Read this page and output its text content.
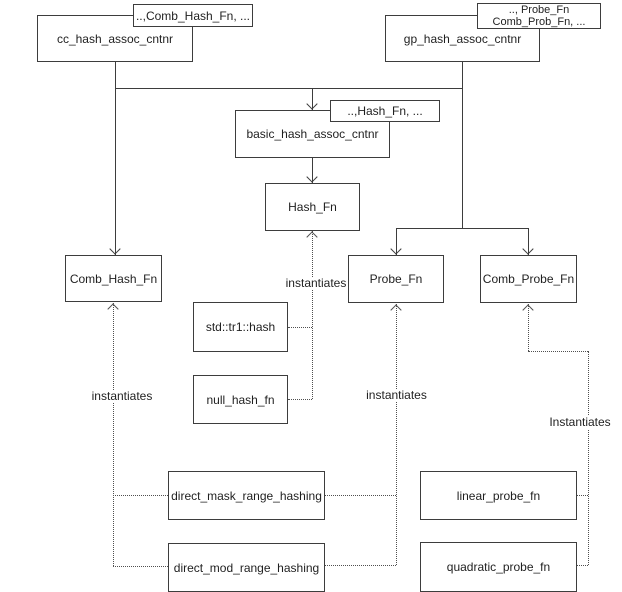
cc_hash_assoc_cntnr	gp_hash_assoc_cntnr
basic_hash_assoc_cntnr
Hash_Fn
Comb_Hash_Fn	Probe_Fn	Comb_Probe_Fn
std::tr1::hash
null_hash_fn
direct_mask_range_hashing
direct_mod_range_hashing
linear_probe_fn
quadratic_probe_fn
..,Comb_Hash_Fn, ...	.., Probe_Fn
Comb_Prob_Fn, ...
..,Hash_Fn, ...
instantiates
instantiates
instantiates
Instantiates
